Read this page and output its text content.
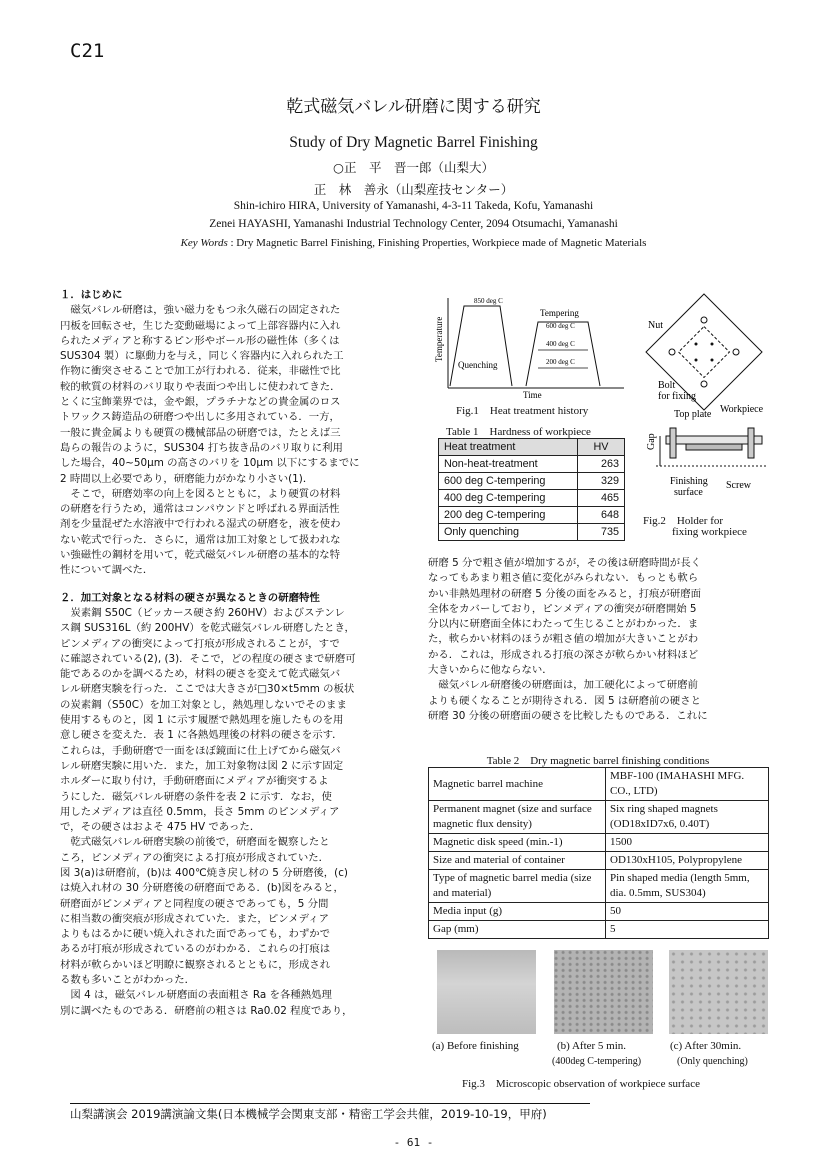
C21
乾式磁気バレル研磨に関する研究
Study of Dry Magnetic Barrel Finishing
○正　平　晋一郎（山梨大）
正　林　善永（山梨産技センター）
Shin-ichiro HIRA, University of Yamanashi, 4-3-11 Takeda, Kofu, Yamanashi
Zenei HAYASHI, Yamanashi Industrial Technology Center, 2094 Otsumachi, Yamanashi
Key Words : Dry Magnetic Barrel Finishing, Finishing Properties, Workpiece made of Magnetic Materials

１．はじめに

　磁気バレル研磨は，強い磁力をもつ永久磁石の固定された
円板を回転させ，生じた変動磁場によって上部容器内に入れ
られたメディアと称するピン形やボール形の磁性体（多くは
SUS304 製）に駆動力を与え，同じく容器内に入れられた工
作物に衝突させることで加工が行われる．従来，非磁性で比
較的軟質の材料のバリ取りや表面つや出しに使われてきた．
とくに宝飾業界では，金や銀，プラチナなどの貴金属のロス
トワックス鋳造品の研磨つや出しに多用されている．一方，
一般に貴金属よりも硬質の機械部品の研磨では，たとえば三
島らの報告のように，SUS304 打ち抜き品のバリ取りに利用
した場合，40~50μm の高さのバリを 10μm 以下にするまでに
2 時間以上必要であり，研磨能力がかなり小さい(1)．
　そこで，研磨効率の向上を図るとともに，より硬質の材料
の研磨を行うため，通常はコンパウンドと呼ばれる界面活性
剤を少量混ぜた水溶液中で行われる湿式の研磨を，液を使わ
ない乾式で行った．さらに，通常は加工対象として扱われな
い強磁性の鋼材を用いて，乾式磁気バレル研磨の基本的な特
性について調べた．

２．加工対象となる材料の硬さが異なるときの研磨特性

　炭素鋼 S50C（ビッカース硬さ約 260HV）およびステンレ
ス鋼 SUS316L（約 200HV）を乾式磁気バレル研磨したとき，
ピンメディアの衝突によって打痕が形成されることが，すで
に確認されている(2), (3)．そこで，どの程度の硬さまで研磨可
能であるのかを調べるため，材料の硬さを変えて乾式磁気バ
レル研磨実験を行った．ここでは大きさが□30×t5mm の板状
の炭素鋼（S50C）を加工対象とし，熱処理しないでそのまま
使用するものと，図 1 に示す履歴で熱処理を施したものを用
意し硬さを変えた．表 1 に各熱処理後の材料の硬さを示す．
これらは，手動研磨で一面をほぼ鏡面に仕上げてから磁気バ
レル研磨実験に用いた．また，加工対象物は図 2 に示す固定
ホルダーに取り付け，手動研磨面にメディアが衝突するよ
うにした．磁気バレル研磨の条件を表 2 に示す．なお，使
用したメディアは直径 0.5mm，長さ 5mm のピンメディア
で，その硬さはおよそ 475 HV であった．
　乾式磁気バレル研磨実験の前後で，研磨面を観察したと
ころ，ピンメディアの衝突による打痕が形成されていた．
図 3(a)は研磨前，(b)は 400℃焼き戻し材の 5 分研磨後，(c)
は焼入れ材の 30 分研磨後の研磨面である．(b)図をみると，
研磨面がピンメディアと同程度の硬さであっても，5 分間
に相当数の衝突痕が形成されていた．また，ピンメディア
よりもはるかに硬い焼入れされた面であっても，わずかで
あるが打痕が形成されているのがわかる．これらの打痕は
材料が軟らかいほど明瞭に観察されるとともに，形成され
る数も多いことがわかった．
　図 4 は，磁気バレル研磨面の表面粗さ Ra を各種熱処理
別に調べたものである．研磨前の粗さは Ra0.02 程度であり，
850 deg C
Tempering
600 deg C
400 deg C
200 deg C
Quenching
Time
Temperature
Fig.1　Heat treatment history
Table 1　Hardness of workpiece
Heat treatment	HV
Non-heat-treatment	263
600 deg C-tempering	329
400 deg C-tempering	465
200 deg C-tempering	648
Only quenching	735
Nut
Bolt
for fixing
Top plate Workpiece
Gap
Finishing
surface
Screw
Fig.2　Holder for
fixing workpiece
研磨 5 分で粗さ値が増加するが，その後は研磨時間が長く
なってもあまり粗さ値に変化がみられない．もっとも軟ら
かい非熱処理材の研磨 5 分後の面をみると，打痕が研磨面
全体をカバーしており，ピンメディアの衝突が研磨開始 5
分以内に研磨面全体にわたって生じることがわかった．ま
た，軟らかい材料のほうが粗さ値の増加が大きいことがわ
かる．これは，形成される打痕の深さが軟らかい材料ほど
大きいからに他ならない．
　磁気バレル研磨後の研磨面は，加工硬化によって研磨前
よりも硬くなることが期待される．図 5 は研磨前の硬さと
研磨 30 分後の研磨面の硬さを比較したものである．これに
Table 2　Dry magnetic barrel finishing conditions
Magnetic barrel machine	MBF-100 (IMAHASHI MFG. CO., LTD)
Permanent magnet (size and surface magnetic flux density)	Six ring shaped magnets (OD18xID7x6, 0.40T)
Magnetic disk speed (min.-1)	1500
Size and material of container	OD130xH105, Polypropylene
Type of magnetic barrel media (size and material)	Pin shaped media (length 5mm, dia. 0.5mm, SUS304)
Media input (g)	50
Gap (mm)	5
(a) Before finishing	(b) After 5 min.
(400deg C-tempering)
(c) After 30min.
(Only quenching)
Fig.3　Microscopic observation of workpiece surface
山梨講演会 2019講演論文集(日本機械学会関東支部・精密工学会共催，2019-10-19，甲府)
- 61 -
